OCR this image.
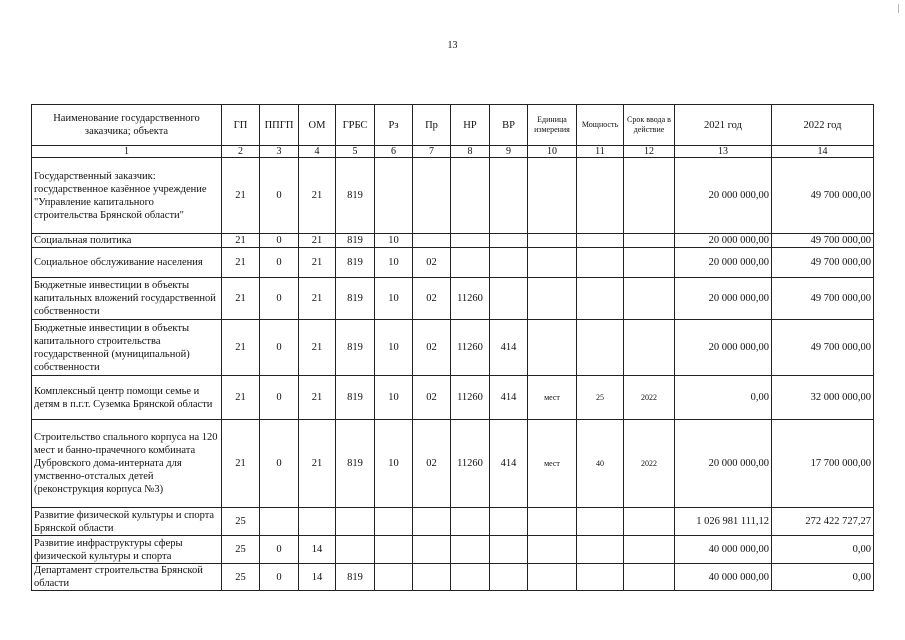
13
Наименование государственного заказчика; объекта	ГП	ППГП	ОМ	ГРБС	Рз	Пр	НР	ВР	Единица измерения	Мощность	Срок ввода в действие	2021 год	2022 год
1	2	3	4	5	6	7	8	9	10	11	12	13	14
Государственный заказчик: государственное казённое учреждение "Управление капитального строительства Брянской области"	21	0	21	819								20 000 000,00	49 700 000,00
Социальная политика	21	0	21	819	10							20 000 000,00	49 700 000,00
Социальное обслуживание населения	21	0	21	819	10	02						20 000 000,00	49 700 000,00
Бюджетные инвестиции в объекты капитальных вложений государственной собственности	21	0	21	819	10	02	11260					20 000 000,00	49 700 000,00
Бюджетные инвестиции в объекты капитального строительства государственной (муниципальной) собственности	21	0	21	819	10	02	11260	414				20 000 000,00	49 700 000,00
Комплексный центр помощи семье и детям в п.г.т. Суземка Брянской области	21	0	21	819	10	02	11260	414	мест	25	2022	0,00	32 000 000,00
Строительство спального корпуса на 120 мест и банно-прачечного комбината Дубровского дома-интерната для умственно-отсталых детей (реконструкция корпуса №3)	21	0	21	819	10	02	11260	414	мест	40	2022	20 000 000,00	17 700 000,00
Развитие физической культуры и спорта Брянской области	25											1 026 981 111,12	272 422 727,27
Развитие инфраструктуры сферы физической культуры и спорта	25	0	14									40 000 000,00	0,00
Департамент строительства Брянской области	25	0	14	819								40 000 000,00	0,00
